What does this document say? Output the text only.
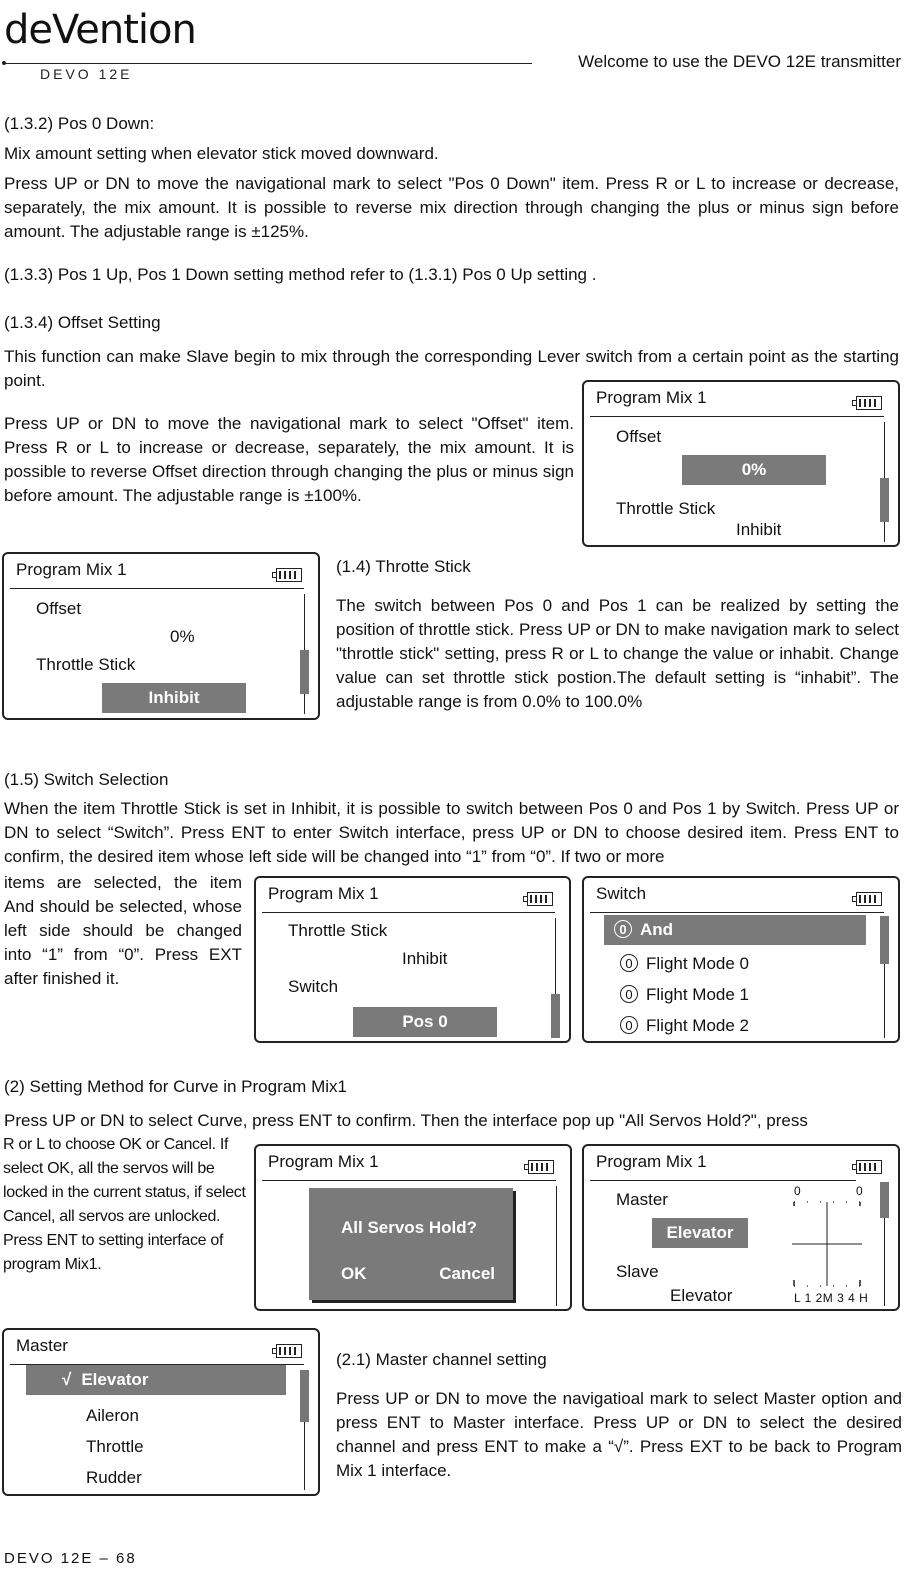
deVention
DEVO 12E
Welcome to use the DEVO 12E transmitter

(1.3.2) Pos 0 Down:

Mix amount setting when elevator stick moved downward.

Press UP or DN to move the navigational mark to select "Pos 0 Down" item. Press R or L to increase or decrease, separately, the mix amount. It is possible to reverse mix direction through changing the plus or minus sign before amount. The adjustable range is ±125%.

(1.3.3) Pos 1 Up, Pos 1 Down setting method refer to (1.3.1) Pos 0 Up setting .

(1.3.4) Offset Setting

This function can make Slave begin to mix through the corresponding Lever switch from a certain point as the starting point.

Press UP or DN to move the navigational mark to select "Offset" item. Press R or L to increase or decrease, separately, the mix amount. It is possible to reverse Offset direction through changing the plus or minus sign before amount. The adjustable range is ±100%.

Program Mix 1
Offset
0%
Throttle Stick
Inhibit
Program Mix 1
Offset
0%
Throttle Stick
Inhibit

(1.4) Throtte Stick

The switch between Pos 0 and Pos 1 can be realized by setting the position of throttle stick. Press UP or DN to make navigation mark to select "throttle stick" setting, press R or L to change the value or inhabit. Change value can set throttle stick postion.The default setting is “inhabit”. The adjustable range is from 0.0% to 100.0%

(1.5) Switch Selection

When the item Throttle Stick is set in Inhibit, it is possible to switch between Pos 0 and Pos 1 by Switch. Press UP or DN to select “Switch”. Press ENT to enter Switch interface, press UP or DN to choose desired item. Press ENT to confirm, the desired item whose left side will be changed into “1” from “0”. If two or more

items are selected, the item And should be selected, whose left side should be changed into “1” from “0”. Press EXT after finished it.

Program Mix 1
Throttle Stick
Inhibit
Switch
Pos 0
Switch
0 And
0 Flight Mode 0
0 Flight Mode 1
0 Flight Mode 2

(2) Setting Method for Curve in Program Mix1

Press UP or DN to select Curve, press ENT to confirm. Then the interface pop up "All Servos Hold?", press

R or L to choose OK or Cancel. If select OK, all the servos will be locked in the current status, if select Cancel, all servos are unlocked. Press ENT to setting interface of program Mix1.

Program Mix 1
All Servos Hold?
OK	Cancel
Program Mix 1
Master
Elevator
Slave
Elevator
0	0
L 1 2M 3 4 H
Master
√ Elevator
Aileron
Throttle
Rudder

(2.1) Master channel setting

Press UP or DN to move the navigatioal mark to select Master option and press ENT to Master interface. Press UP or DN to select the desired channel and press ENT to make a “√”. Press EXT to be back to Program Mix 1 interface.

DEVO 12E – 68
